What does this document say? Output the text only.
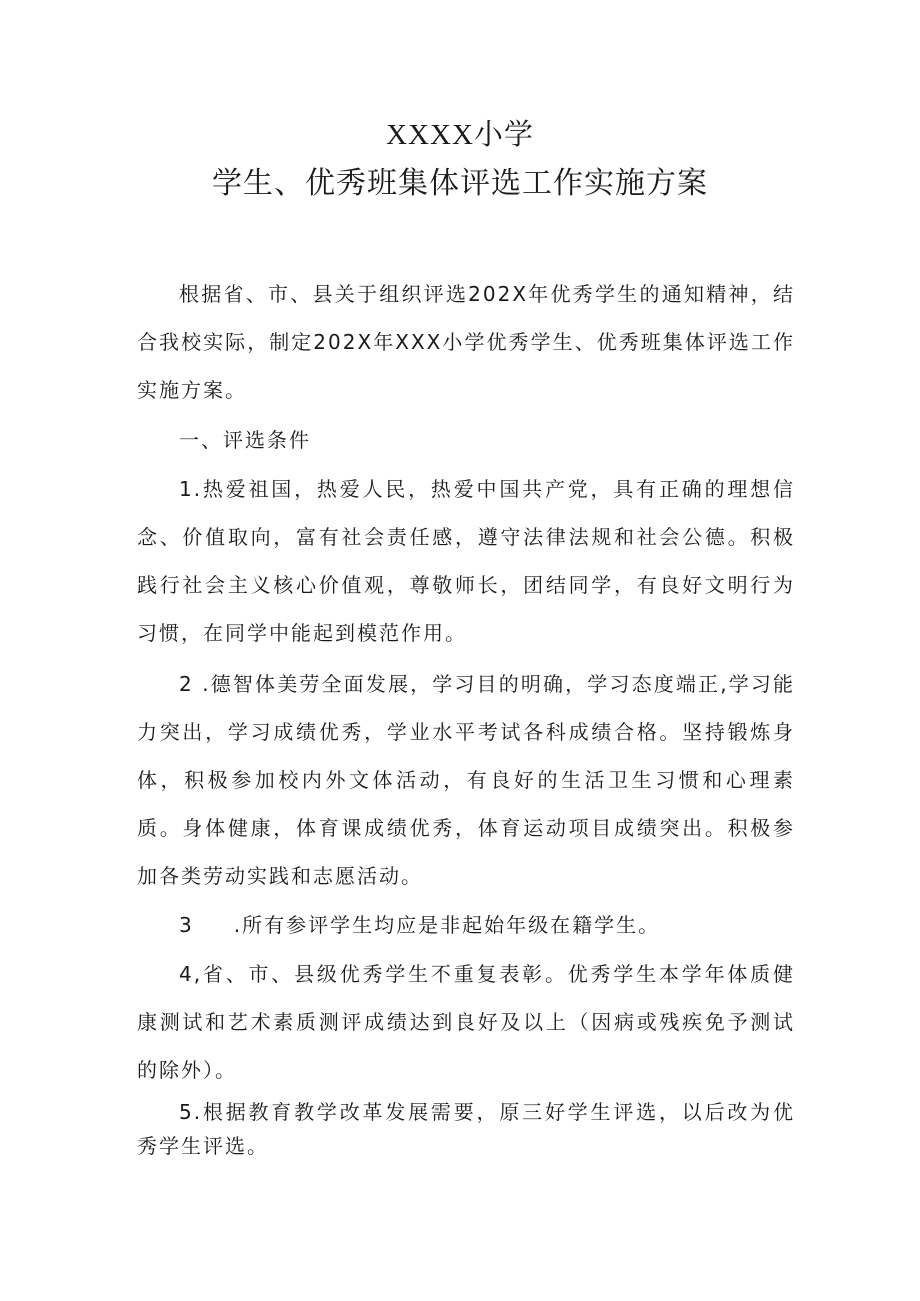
XXXX小学
学生、优秀班集体评选工作实施方案

根据省、市、县关于组织评选202X年优秀学生的通知精神，结合我校实际，制定202X年XXX小学优秀学生、优秀班集体评选工作实施方案。

一、评选条件

1.热爱祖国，热爱人民，热爱中国共产党，具有正确的理想信念、价值取向，富有社会责任感，遵守法律法规和社会公德。积极践行社会主义核心价值观，尊敬师长，团结同学，有良好文明行为习惯，在同学中能起到模范作用。

2 .德智体美劳全面发展，学习目的明确，学习态度端正,学习能力突出，学习成绩优秀，学业水平考试各科成绩合格。坚持锻炼身体，积极参加校内外文体活动，有良好的生活卫生习惯和心理素质。身体健康，体育课成绩优秀，体育运动项目成绩突出。积极参加各类劳动实践和志愿活动。

3 .所有参评学生均应是非起始年级在籍学生。

4,省、市、县级优秀学生不重复表彰。优秀学生本学年体质健康测试和艺术素质测评成绩达到良好及以上（因病或残疾免予测试的除外）。

5.根据教育教学改革发展需要，原三好学生评选，以后改为优秀学生评选。
